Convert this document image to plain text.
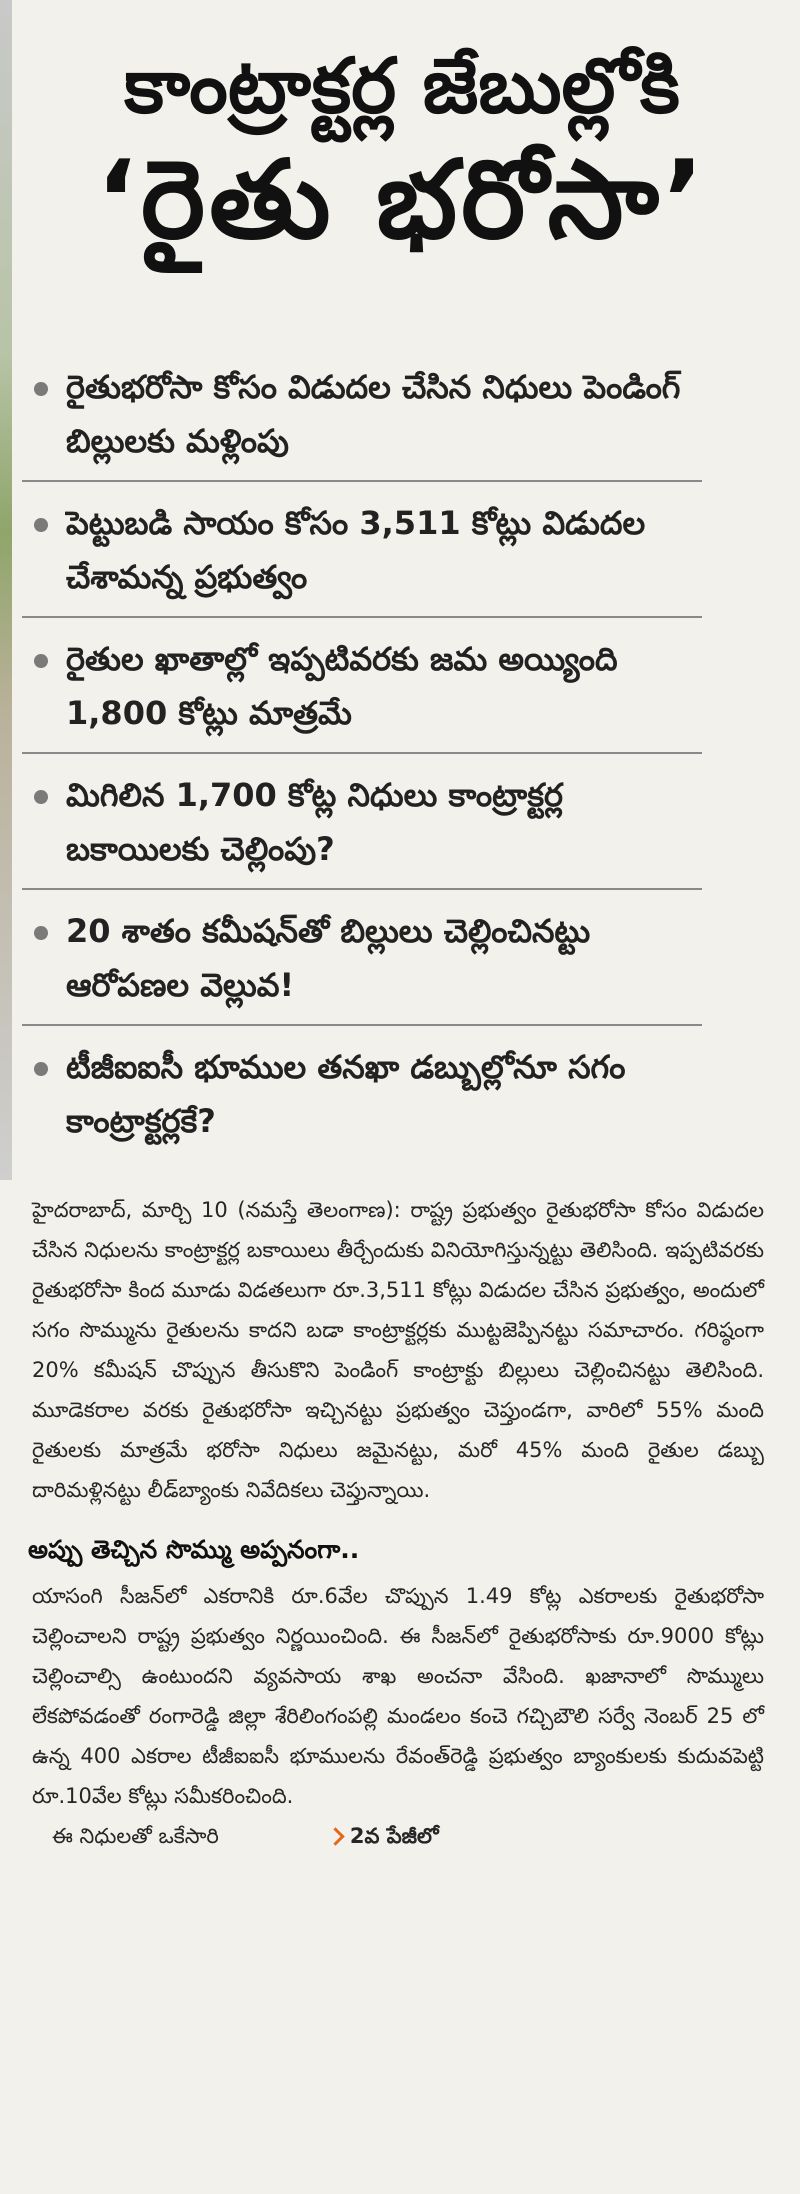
కాంట్రాక్టర్ల జేబుల్లోకి
‘రైతు భరోసా’
రైతుభరోసా కోసం విడుదల చేసిన నిధులు పెండింగ్ బిల్లులకు మళ్లింపు
పెట్టుబడి సాయం కోసం 3,511 కోట్లు విడుదల చేశామన్న ప్రభుత్వం
రైతుల ఖాతాల్లో ఇప్పటివరకు జమ అయ్యింది 1,800 కోట్లు మాత్రమే
మిగిలిన 1,700 కోట్ల నిధులు కాంట్రాక్టర్ల బకాయిలకు చెల్లింపు?
20 శాతం కమీషన్‌తో బిల్లులు చెల్లించినట్టు ఆరోపణల వెల్లువ!
టీజీఐఐసీ భూముల తనఖా డబ్బుల్లోనూ సగం కాంట్రాక్టర్లకే?
హైదరాబాద్, మార్చి 10 (నమస్తే తెలంగాణ): రాష్ట్ర ప్రభుత్వం రైతుభరోసా కోసం విడుదల చేసిన నిధులను కాంట్రాక్టర్ల బకాయిలు తీర్చేందుకు వినియోగిస్తున్నట్టు తెలిసింది. ఇప్పటివరకు రైతుభరోసా కింద మూడు విడతలుగా రూ.3,511 కోట్లు విడుదల చేసిన ప్రభుత్వం, అందులో సగం సొమ్మును రైతులను కాదని బడా కాంట్రాక్టర్లకు ముట్టజెప్పినట్టు సమాచారం. గరిష్ఠంగా 20% కమీషన్ చొప్పున తీసుకొని పెండింగ్ కాంట్రాక్టు బిల్లులు చెల్లించినట్టు తెలిసింది. మూడెకరాల వరకు రైతుభరోసా ఇచ్చినట్టు ప్రభుత్వం చెప్తుండగా, వారిలో 55% మంది రైతులకు మాత్రమే భరోసా నిధులు జమైనట్టు, మరో 45% మంది రైతుల డబ్బు దారిమళ్లినట్టు లీడ్‌బ్యాంకు నివేదికలు చెప్తున్నాయి.
అప్పు తెచ్చిన సొమ్ము అప్పనంగా..
యాసంగి సీజన్‌లో ఎకరానికి రూ.6వేల చొప్పున 1.49 కోట్ల ఎకరాలకు రైతుభరోసా చెల్లించాలని రాష్ట్ర ప్రభుత్వం నిర్ణయించింది. ఈ సీజన్‌లో రైతుభరోసాకు రూ.9000 కోట్లు చెల్లించాల్సి ఉంటుందని వ్యవసాయ శాఖ అంచనా వేసింది. ఖజానాలో సొమ్ములు లేకపోవడంతో రంగారెడ్డి జిల్లా శేరిలింగంపల్లి మండలం కంచె గచ్చిబౌలి సర్వే నెంబర్ 25 లో ఉన్న 400 ఎకరాల టీజీఐఐసీ భూములను రేవంత్‌రెడ్డి ప్రభుత్వం బ్యాంకులకు కుదువపెట్టి రూ.10వేల కోట్లు సమీకరించింది.
ఈ నిధులతో ఒకేసారి	2వ పేజీలో
